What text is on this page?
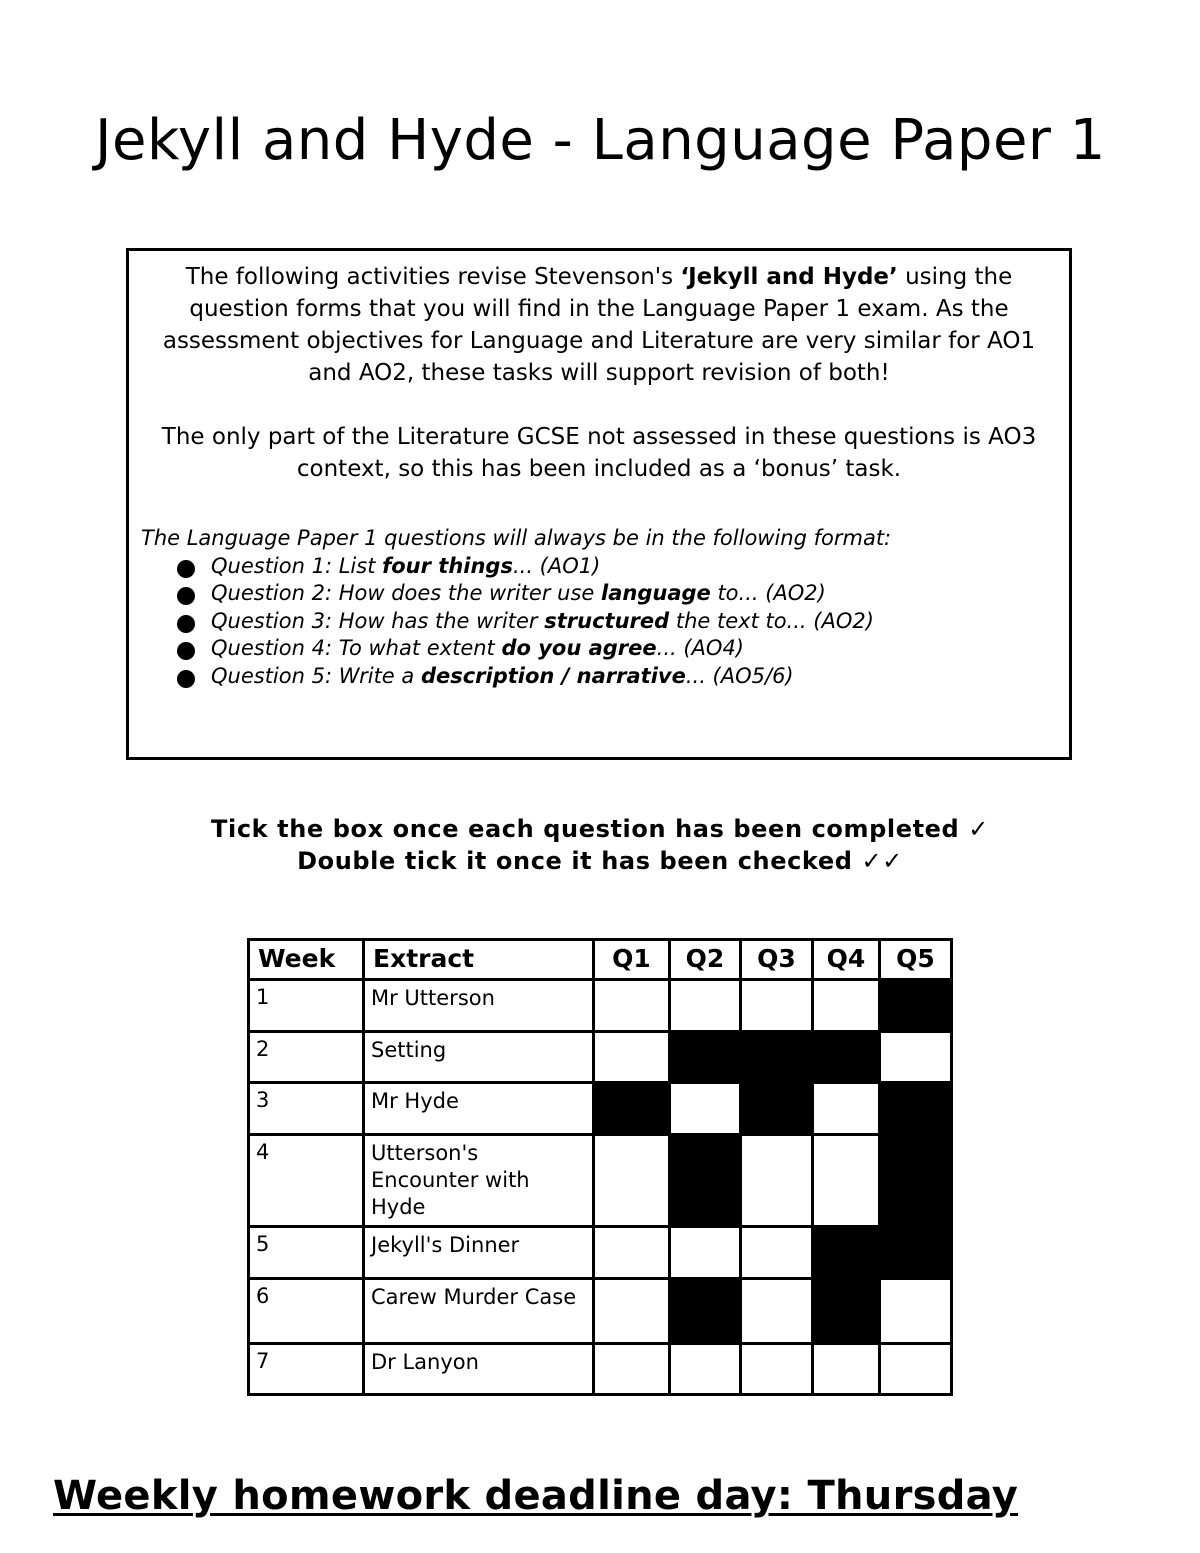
Jekyll and Hyde - Language Paper 1

The following activities revise Stevenson's ‘Jekyll and Hyde’ using the question forms that you will find in the Language Paper 1 exam. As the assessment objectives for Language and Literature are very similar for AO1 and AO2, these tasks will support revision of both!

The only part of the Literature GCSE not assessed in these questions is AO3 context, so this has been included as a ‘bonus’ task.

The Language Paper 1 questions will always be in the following format:
Question 1: List four things... (AO1)
Question 2: How does the writer use language to... (AO2)
Question 3: How has the writer structured the text to... (AO2)
Question 4: To what extent do you agree... (AO4)
Question 5: Write a description / narrative... (AO5/6)
Tick the box once each question has been completed ✓
Double tick it once it has been checked ✓✓
Week	Extract	Q1	Q2	Q3	Q4	Q5
1	Mr Utterson					
2	Setting					
3	Mr Hyde					
4	Utterson's Encounter with Hyde					
5	Jekyll's Dinner					
6	Carew Murder Case					
7	Dr Lanyon					
Weekly homework deadline day: Thursday
